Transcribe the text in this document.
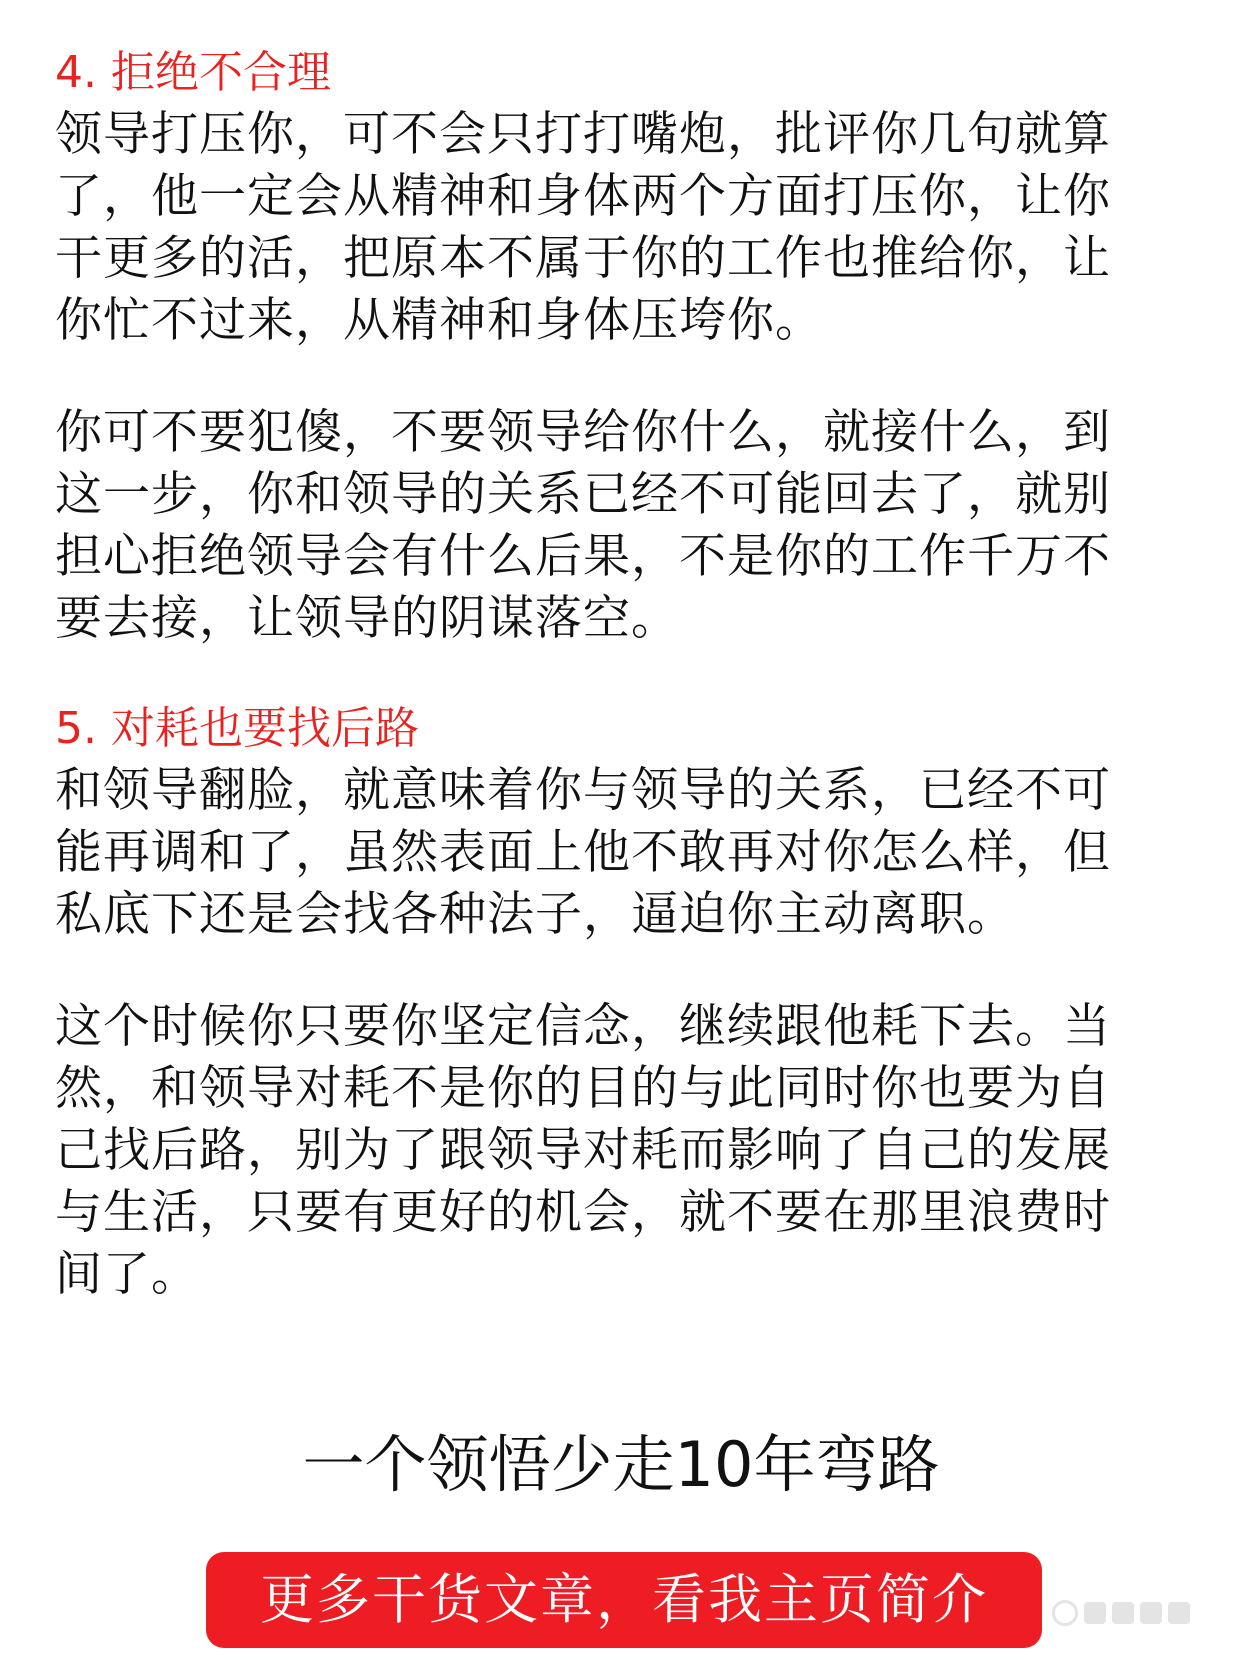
4. 拒绝不合理

领导打压你，可不会只打打嘴炮，批评你几句就算
了，他一定会从精神和身体两个方面打压你，让你
干更多的活，把原本不属于你的工作也推给你，让
你忙不过来，从精神和身体压垮你。

你可不要犯傻，不要领导给你什么，就接什么，到
这一步，你和领导的关系已经不可能回去了，就别
担心拒绝领导会有什么后果，不是你的工作千万不
要去接，让领导的阴谋落空。

5. 对耗也要找后路

和领导翻脸，就意味着你与领导的关系，已经不可
能再调和了，虽然表面上他不敢再对你怎么样，但
私底下还是会找各种法子，逼迫你主动离职。

这个时候你只要你坚定信念，继续跟他耗下去。当
然，和领导对耗不是你的目的与此同时你也要为自
己找后路，别为了跟领导对耗而影响了自己的发展
与生活，只要有更好的机会，就不要在那里浪费时
间了。

一个领悟少走10年弯路
更多干货文章，看我主页简介
